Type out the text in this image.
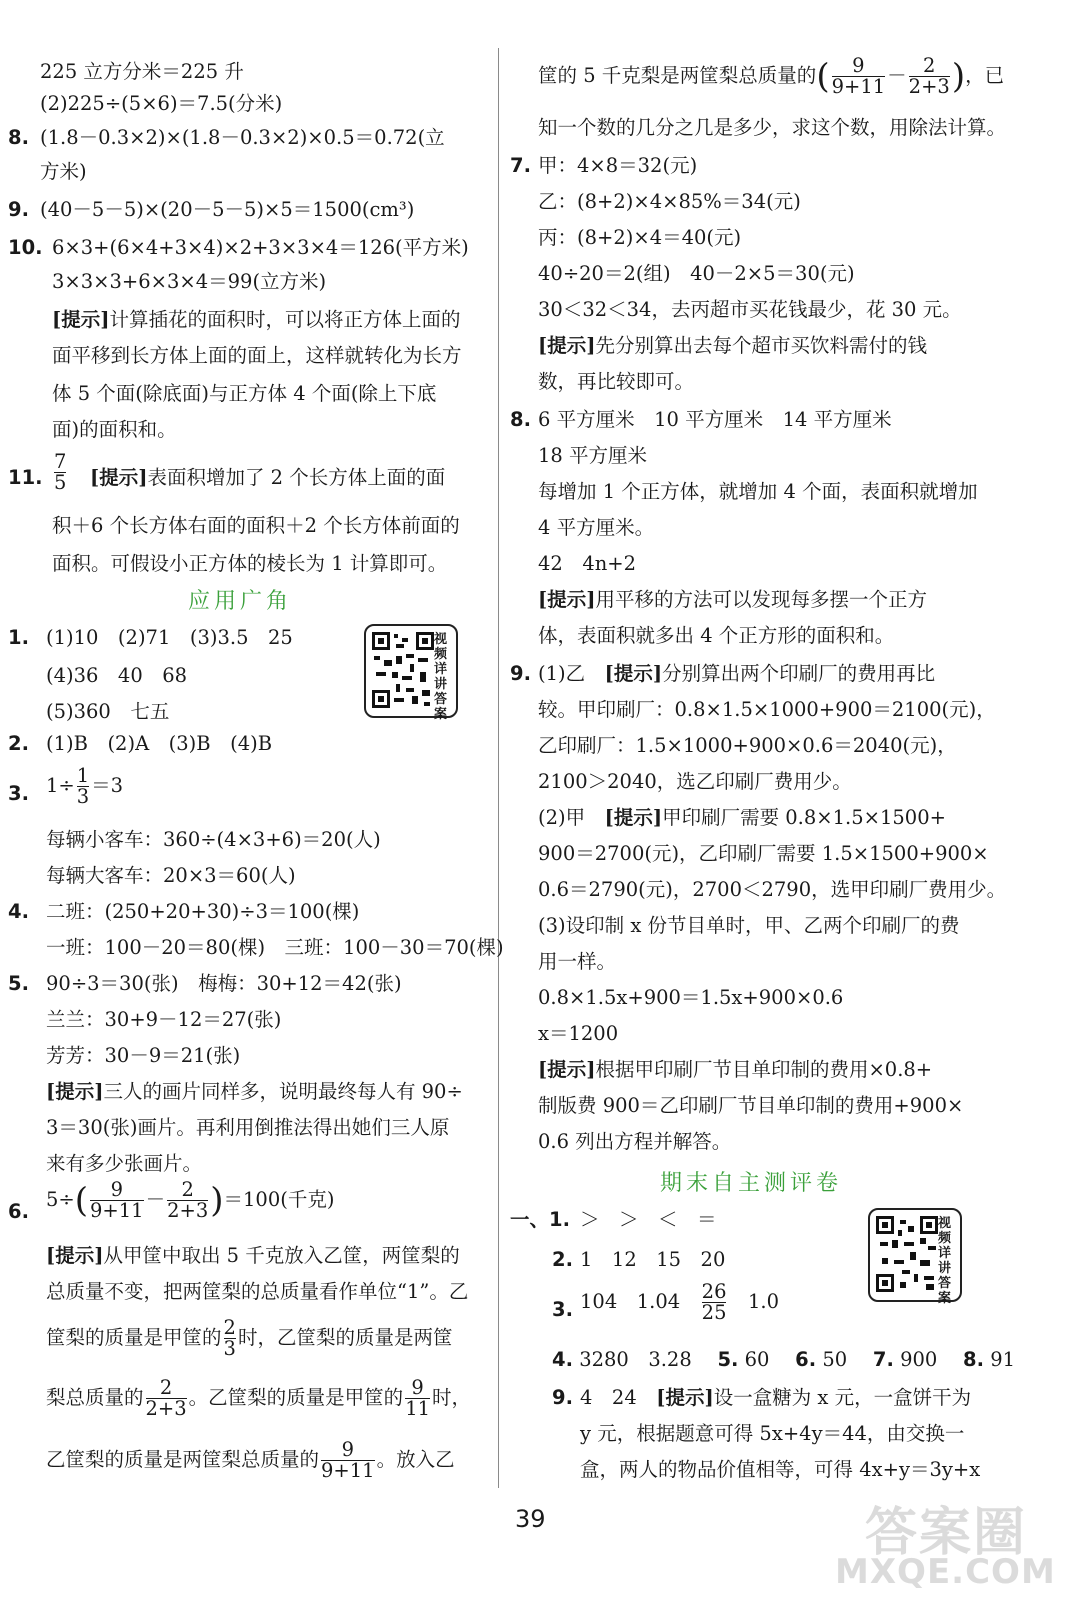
225 立方分米＝225 升
(2)225÷(5×6)＝7.5(分米)
8. (1.8－0.3×2)×(1.8－0.3×2)×0.5＝0.72(立
方米)
9. (40－5－5)×(20－5－5)×5＝1500(cm³)
10. 6×3+(6×4+3×4)×2+3×3×4＝126(平方米)
3×3×3+6×3×4＝99(立方米)
[提示]计算插花的面积时，可以将正方体上面的
面平移到长方体上面的面上，这样就转化为长方
体 5 个面(除底面)与正方体 4 个面(除上下底
面)的面积和。
11. $\frac{7}{5}$ [提示]表面积增加了 2 个长方体上面的面
积＋6 个长方体右面的面积＋2 个长方体前面的
面积。可假设小正方体的棱长为 1 计算即可。
应用广角
1. (1)10　(2)71　(3)3.5　25
(4)36　40　68
(5)360　七五
视频详讲答案
2. (1)B　(2)A　(3)B　(4)B
3. $1\div \frac{1}{3} =3$
每辆小客车：360÷(4×3+6)＝20(人)
每辆大客车：20×3＝60(人)
4. 二班：(250+20+30)÷3＝100(棵)
一班：100－20＝80(棵)　三班：100－30＝70(棵)
5. 90÷3＝30(张)　梅梅：30+12＝42(张)
兰兰：30+9－12＝27(张)
芳芳：30－9＝21(张)
[提示]三人的画片同样多，说明最终每人有 90÷
3＝30(张)画片。再利用倒推法得出她们三人原
来有多少张画片。
6.
$5\div( \frac{9}{9+11} - \frac{2}{2+3} )=100$(千克)
[提示]从甲筐中取出 5 千克放入乙筐，两筐梨的
总质量不变，把两筐梨的总质量看作单位“1”。乙
筐梨的质量是甲筐的 $\frac{2}{3}$ 时，乙筐梨的质量是两筐
梨总质量的 $\frac{2}{2+3}$ 。乙筐梨的质量是甲筐的 $\frac{9}{11}$ 时，
乙筐梨的质量是两筐梨总质量的 $\frac{9}{9+11}$ 。放入乙
筐的 5 千克梨是两筐梨总质量的( $\frac{9}{9+11} - \frac{2}{2+3}$ )，已
知一个数的几分之几是多少，求这个数，用除法计算。
7. 甲：4×8＝32(元)
乙：(8+2)×4×85%＝34(元)
丙：(8+2)×4＝40(元)
40÷20＝2(组)　40－2×5＝30(元)
30＜32＜34，去丙超市买花钱最少，花 30 元。
[提示]先分别算出去每个超市买饮料需付的钱
数，再比较即可。
8. 6 平方厘米　10 平方厘米　14 平方厘米
18 平方厘米
每增加 1 个正方体，就增加 4 个面，表面积就增加
4 平方厘米。
42　4n+2
[提示]用平移的方法可以发现每多摆一个正方
体，表面积就多出 4 个正方形的面积和。
9. (1)乙　[提示]分别算出两个印刷厂的费用再比
较。甲印刷厂：0.8×1.5×1000+900＝2100(元)，
乙印刷厂：1.5×1000+900×0.6＝2040(元)，
2100＞2040，选乙印刷厂费用少。
(2)甲　[提示]甲印刷厂需要 0.8×1.5×1500+
900＝2700(元)，乙印刷厂需要 1.5×1500+900×
0.6＝2790(元)，2700＜2790，选甲印刷厂费用少。
(3)设印制 x 份节目单时，甲、乙两个印刷厂的费
用一样。
0.8×1.5x+900＝1.5x+900×0.6
x＝1200
[提示]根据甲印刷厂节目单印制的费用×0.8+
制版费 900＝乙印刷厂节目单印制的费用+900×
0.6 列出方程并解答。
期末自主测评卷
一、1. ＞　＞　＜　＝	视频详讲答案
2. 1　12　15　20
3. 104　1.04　 $\frac{26}{25}$
　 1.0
4. 3280　3.28　 5. 60　 6. 50　 7. 900　 8. 91
9. 4　24　[提示]设一盒糖为 x 元，一盒饼干为
y 元，根据题意可得 5x+4y＝44，由交换一
盒，两人的物品价值相等，可得 4x+y＝3y+x
39	答案圈
MXQE.COM
